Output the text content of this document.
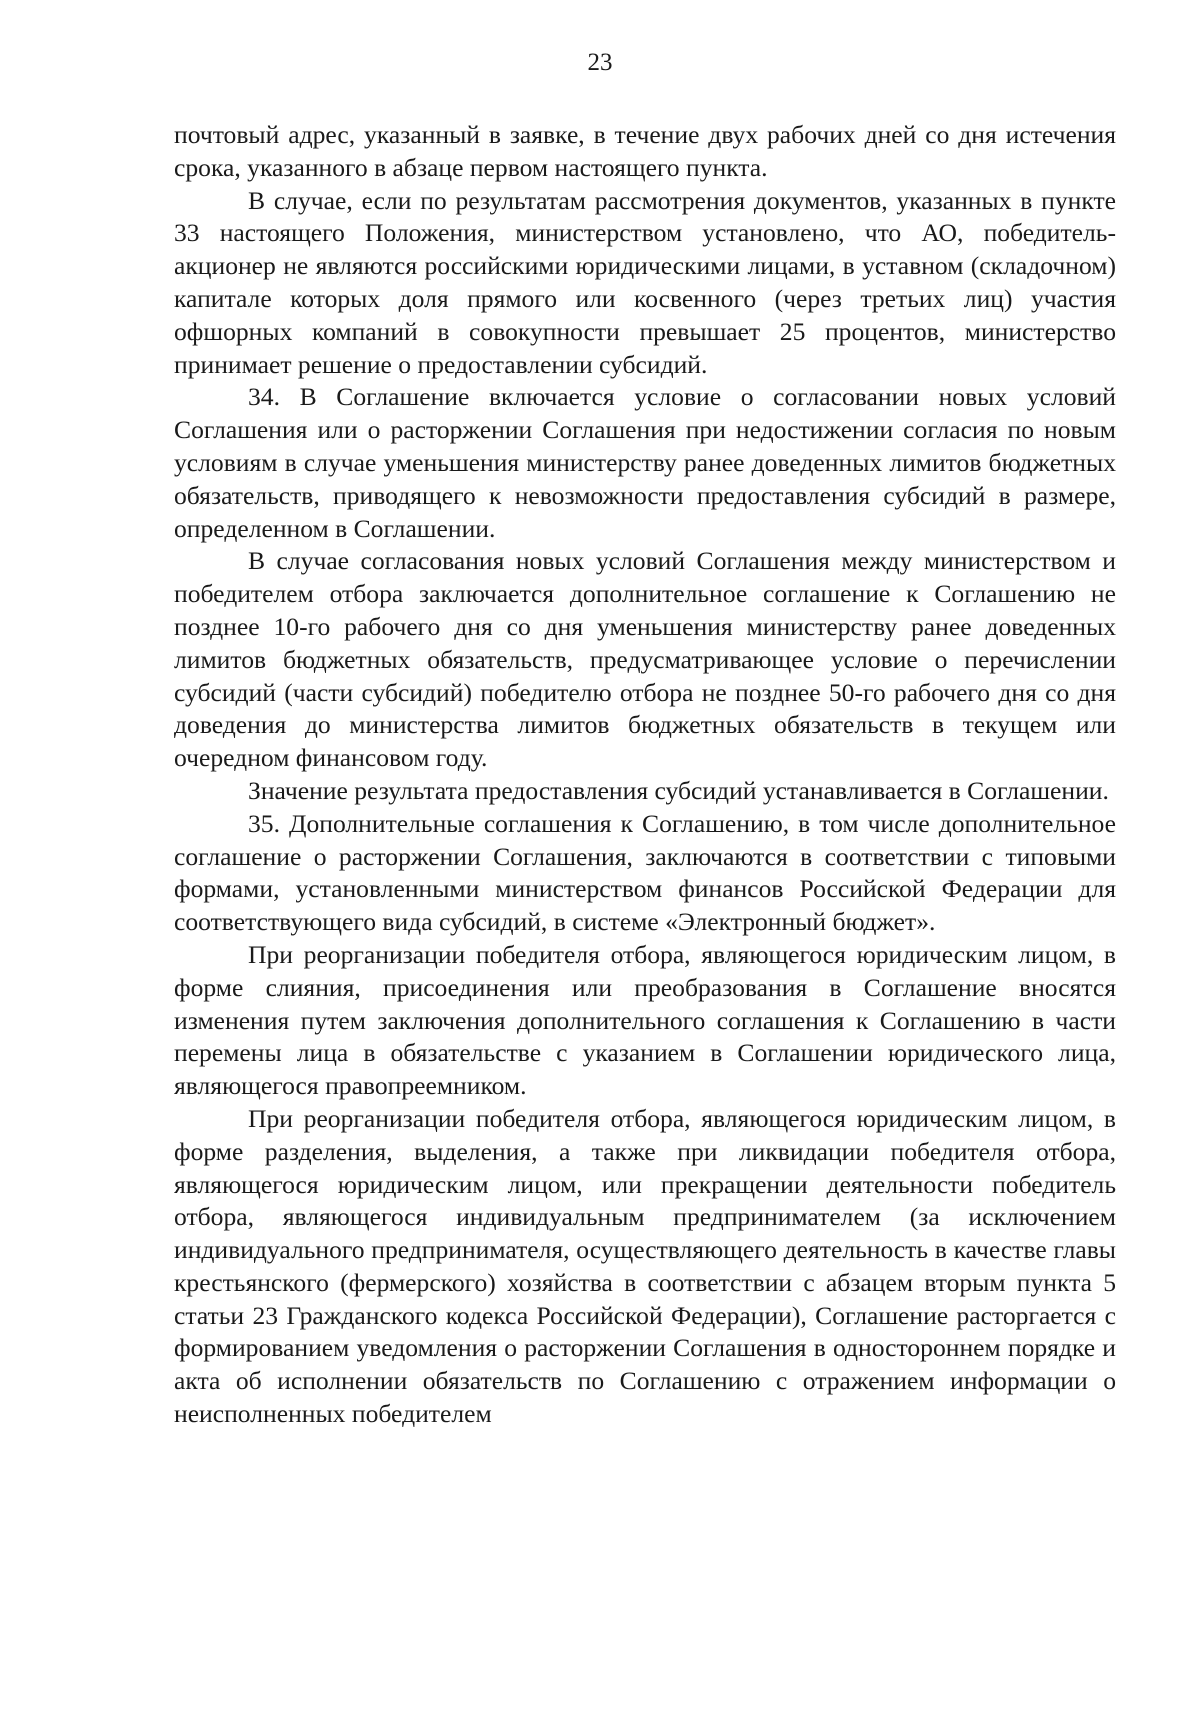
23

почтовый адрес, указанный в заявке, в течение двух рабочих дней со дня истечения срока, указанного в абзаце первом настоящего пункта.

В случае, если по результатам рассмотрения документов, указанных в пункте 33 настоящего Положения, министерством установлено, что АО, победитель-акционер не являются российскими юридическими лицами, в уставном (складочном) капитале которых доля прямого или косвенного (через третьих лиц) участия офшорных компаний в совокупности превышает 25 процентов, министерство принимает решение о предоставлении субсидий.

34. В Соглашение включается условие о согласовании новых условий Соглашения или о расторжении Соглашения при недостижении согласия по новым условиям в случае уменьшения министерству ранее доведенных лимитов бюджетных обязательств, приводящего к невозможности предоставления субсидий в размере, определенном в Соглашении.

В случае согласования новых условий Соглашения между министерством и победителем отбора заключается дополнительное соглашение к Соглашению не позднее 10-го рабочего дня со дня уменьшения министерству ранее доведенных лимитов бюджетных обязательств, предусматривающее условие о перечислении субсидий (части субсидий) победителю отбора не позднее 50-го рабочего дня со дня доведения до министерства лимитов бюджетных обязательств в текущем или очередном финансовом году.

Значение результата предоставления субсидий устанавливается в Соглашении.

35. Дополнительные соглашения к Соглашению, в том числе дополнительное соглашение о расторжении Соглашения, заключаются в соответствии с типовыми формами, установленными министерством финансов Российской Федерации для соответствующего вида субсидий, в системе «Электронный бюджет».

При реорганизации победителя отбора, являющегося юридическим лицом, в форме слияния, присоединения или преобразования в Соглашение вносятся изменения путем заключения дополнительного соглашения к Соглашению в части перемены лица в обязательстве с указанием в Соглашении юридического лица, являющегося правопреемником.

При реорганизации победителя отбора, являющегося юридическим лицом, в форме разделения, выделения, а также при ликвидации победителя отбора, являющегося юридическим лицом, или прекращении деятельности победитель отбора, являющегося индивидуальным предпринимателем (за исключением индивидуального предпринимателя, осуществляющего деятельность в качестве главы крестьянского (фермерского) хозяйства в соответствии с абзацем вторым пункта 5 статьи 23 Гражданского кодекса Российской Федерации), Соглашение расторгается с формированием уведомления о расторжении Соглашения в одностороннем порядке и акта об исполнении обязательств по Соглашению с отражением информации о неисполненных победителем
